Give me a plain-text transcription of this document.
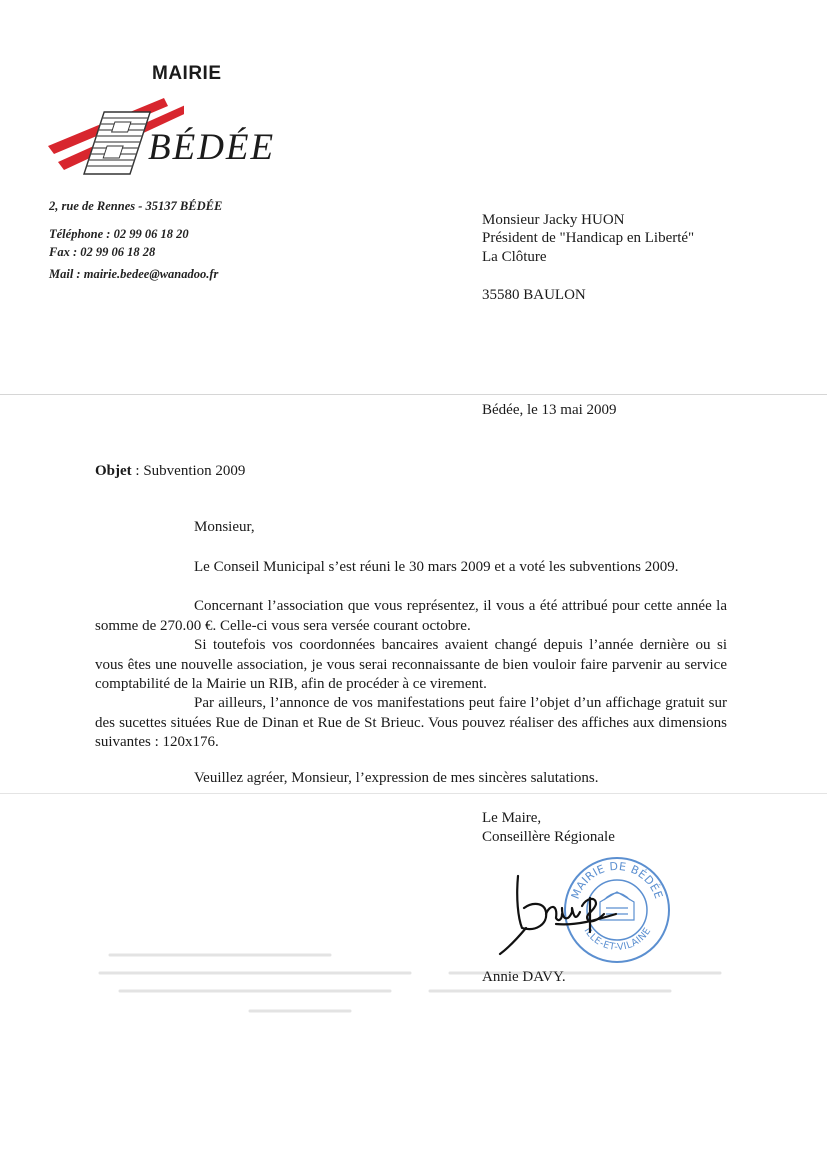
MAIRIE
BÉDÉE
2, rue de Rennes - 35137 BÉDÉE
Téléphone : 02 99 06 18 20
Fax : 02 99 06 18 28
Mail : mairie.bedee@wanadoo.fr
Monsieur Jacky HUON
Président de "Handicap en Liberté"
La Clôture
35580 BAULON
Bédée, le 13 mai 2009
Objet : Subvention 2009
Monsieur,
Le Conseil Municipal s’est réuni le 30 mars 2009 et a voté les subventions 2009.
Concernant l’association que vous représentez, il vous a été attribué pour cette année la somme de 270.00 €. Celle-ci vous sera versée courant octobre.
Si toutefois vos coordonnées bancaires avaient changé depuis l’année dernière ou si vous êtes une nouvelle association, je vous serai reconnaissante de bien vouloir faire parvenir au service comptabilité de la Mairie un RIB, afin de procéder à ce virement.
Par ailleurs, l’annonce de vos manifestations peut faire l’objet d’un affichage gratuit sur des sucettes situées Rue de Dinan et Rue de St Brieuc. Vous pouvez réaliser des affiches aux dimensions suivantes : 120x176.
Veuillez agréer, Monsieur, l’expression de mes sincères salutations.
Le Maire,
Conseillère Régionale
MAIRIE DE BÉDÉE
ILLE-ET-VILAINE
Annie DAVY.
